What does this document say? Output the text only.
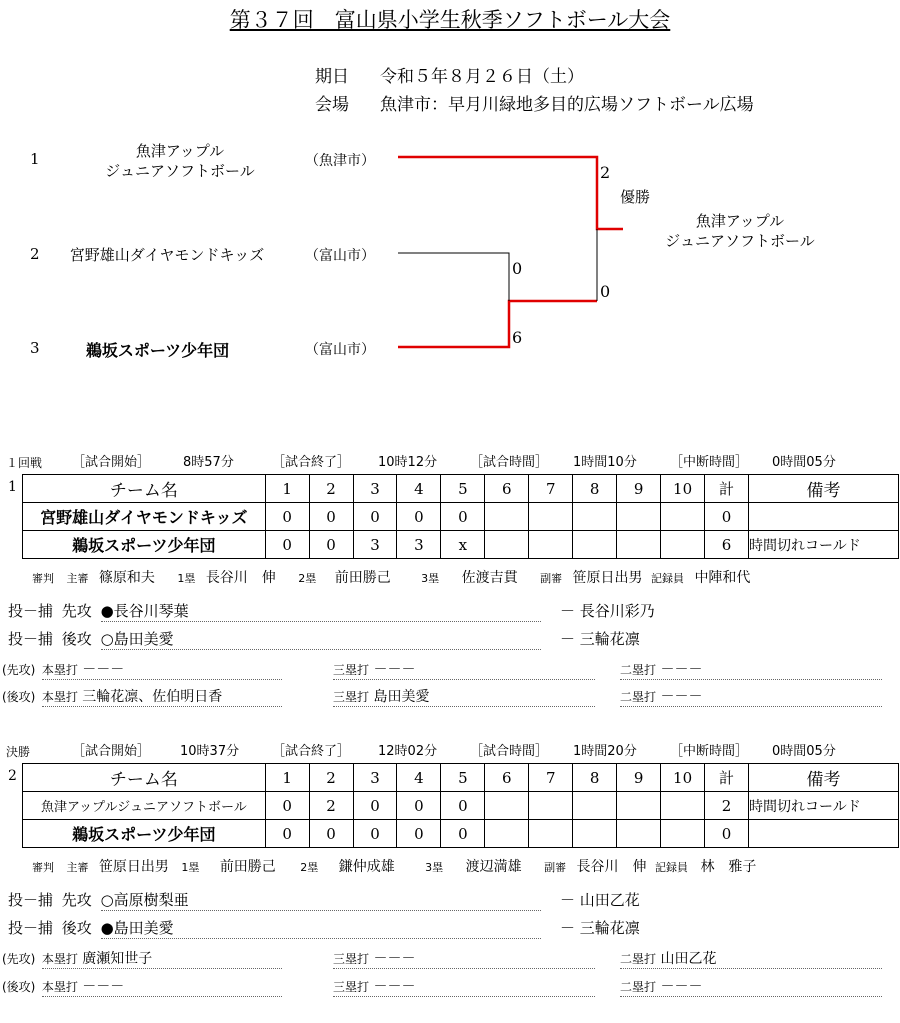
第３７回　富山県小学生秋季ソフトボール大会
期日 令和５年８月２６日（土）
会場 魚津市：早月川緑地多目的広場ソフトボール広場
1	魚津アップル
ジュニアソフトボール
（魚津市）
2	宮野雄山ダイヤモンドキッズ	（富山市）
3	鵜坂スポーツ少年団	（富山市）
0
6
2
0
優勝
魚津アップル
ジュニアソフトボール
１回戦 ［試合開始］	8時57分	［試合終了］ 10時12分	［試合時間］ 1時間10分	［中断時間］ 0時間05分
1	チーム名	1	2	3	4	5	6	7	8	9	10	計	備考
宮野雄山ダイヤモンドキッズ	0	0	0	0	0						0	
鵜坂スポーツ少年団	0	0	3	3	x						6	時間切れコールド
審判 主審 篠原和夫 1塁 長谷川　伸 2塁 前田勝己	3塁 佐渡吉貫 副審 笹原日出男 記録員 中陣和代
投－捕 先攻 ●長谷川琴葉	－ 長谷川彩乃
投－捕 後攻 ○島田美愛	－ 三輪花凛
(先攻) 本塁打 －－－	三塁打 －－－	二塁打 －－－
(後攻) 本塁打 三輪花凛、佐伯明日香	三塁打 島田美愛	二塁打 －－－
決勝	［試合開始］ 10時37分	［試合終了］ 12時02分	［試合時間］ 1時間20分	［中断時間］ 0時間05分
2	チーム名	1	2	3	4	5	6	7	8	9	10	計	備考
魚津アップルジュニアソフトボール	0	2	0	0	0						2	時間切れコールド
鵜坂スポーツ少年団	0	0	0	0	0						0	
審判 主審 笹原日出男 1塁 前田勝己 2塁 鎌仲成雄	3塁 渡辺満雄 副審 長谷川　伸 記録員 林　雅子
投－捕 先攻 ○高原樹梨亜	－ 山田乙花
投－捕 後攻 ●島田美愛	－ 三輪花凛
(先攻) 本塁打 廣瀬知世子	三塁打 －－－	二塁打 山田乙花
(後攻) 本塁打 －－－	三塁打 －－－	二塁打 －－－
